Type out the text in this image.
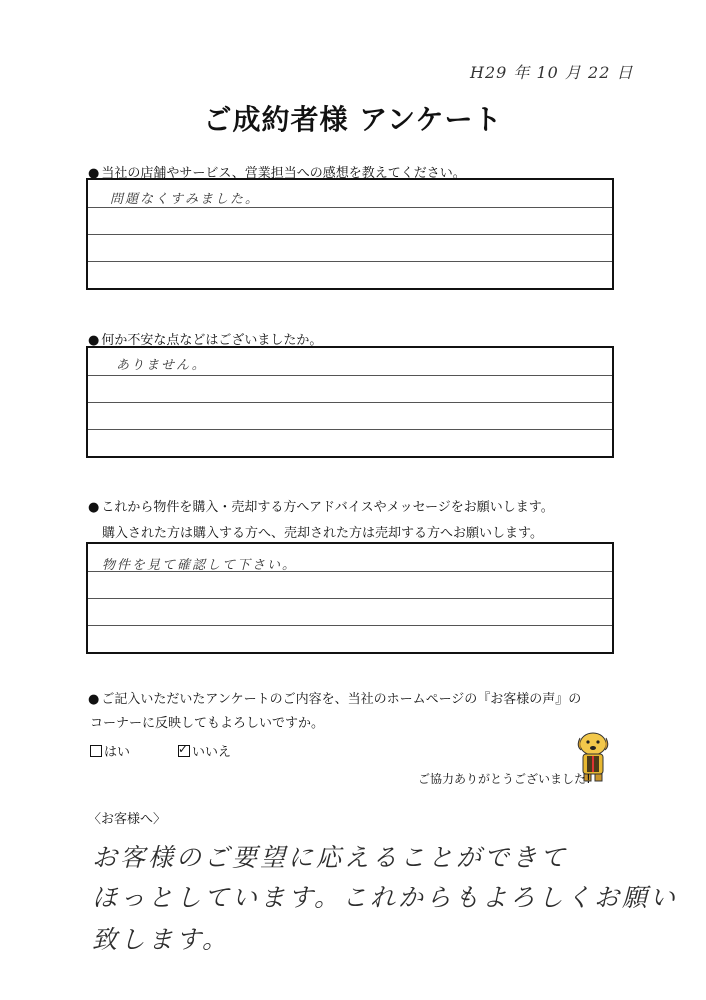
H29 年 10 月 22 日
ご成約者様 アンケート
● 当社の店舗やサービス、営業担当への感想を教えてください。
問題なくすみました。
● 何か不安な点などはございましたか。
ありません。
● これから物件を購入・売却する方へアドバイスやメッセージをお願いします。
購入された方は購入する方へ、売却された方は売却する方へお願いします。
物件を見て確認して下さい。
● ご記入いただいたアンケートのご内容を、当社のホームページの『お客様の声』の
コーナーに反映してもよろしいですか。
はい
✓	いいえ
ご協力ありがとうございました!
〈お客様へ〉
お客様のご要望に応えることができて
ほっとしています。これからもよろしくお願い
致します。
